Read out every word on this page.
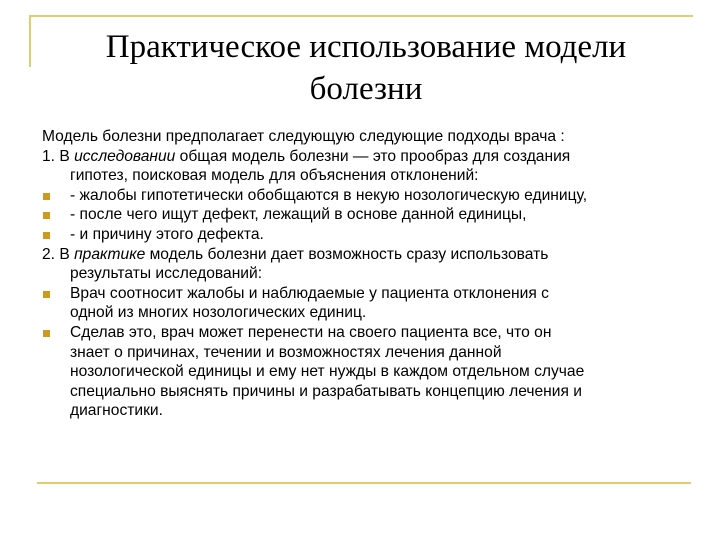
Практическое использование модели
болезни

Модель болезни предполагает следующую следующие подходы врача :

1. В исследовании общая модель болезни — это прообраз для создания

гипотез, поисковая модель для объяснения отклонений:

- жалобы гипотетически обобщаются в некую нозологическую единицу,

- после чего ищут дефект, лежащий в основе данной единицы,

- и причину этого дефекта.

2. В практике модель болезни дает возможность сразу использовать

результаты исследований:

Врач соотносит жалобы и наблюдаемые у пациента отклонения с

одной из многих нозологических единиц.

Сделав это, врач может перенести на своего пациента все, что он

знает о причинах, течении и возможностях лечения данной

нозологической единицы и ему нет нужды в каждом отдельном случае

специально выяснять причины и разрабатывать концепцию лечения и

диагностики.
